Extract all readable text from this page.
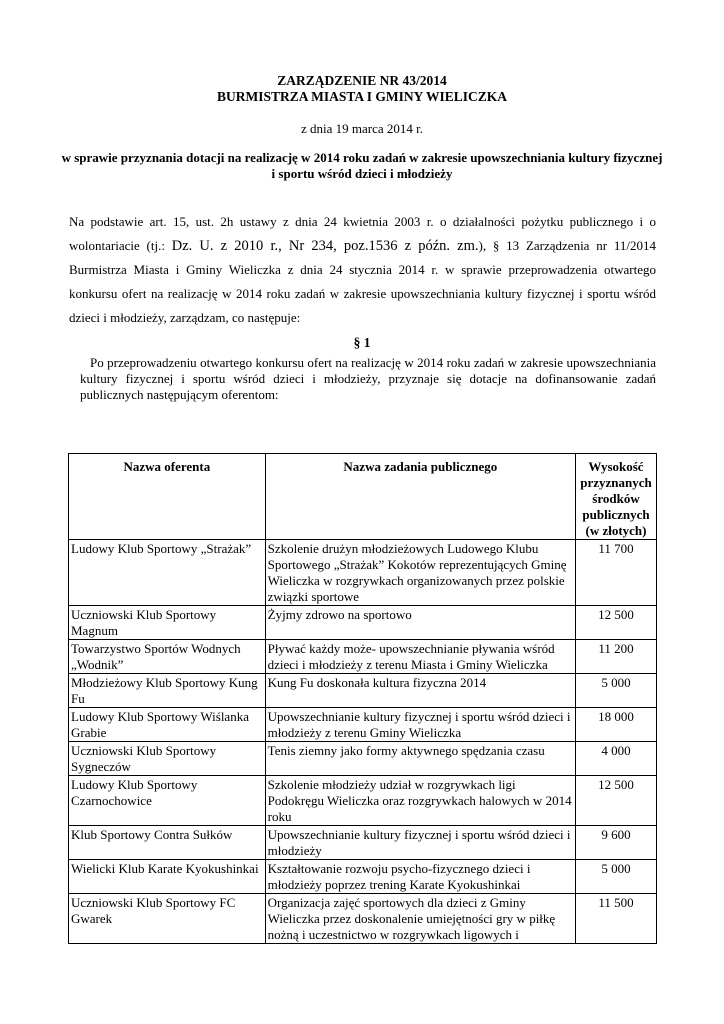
ZARZĄDZENIE NR 43/2014
BURMISTRZA MIASTA I GMINY WIELICZKA
z dnia 19 marca 2014 r.
w sprawie przyznania dotacji na realizację w 2014 roku zadań w zakresie upowszechniania kultury fizycznej i sportu wśród dzieci i młodzieży
Na podstawie art. 15, ust. 2h ustawy z dnia 24 kwietnia 2003 r. o działalności pożytku publicznego i o wolontariacie (tj.: Dz. U. z 2010 r., Nr 234, poz.1536 z późn. zm.), § 13 Zarządzenia nr 11/2014 Burmistrza Miasta i Gminy Wieliczka z dnia 24 stycznia 2014 r. w sprawie przeprowadzenia otwartego konkursu ofert na realizację w 2014 roku zadań w zakresie upowszechniania kultury fizycznej i sportu wśród dzieci i młodzieży, zarządzam, co następuje:
§ 1
Po przeprowadzeniu otwartego konkursu ofert na realizację w 2014 roku zadań w zakresie upowszechniania kultury fizycznej i sportu wśród dzieci i młodzieży, przyznaje się dotacje na dofinansowanie zadań publicznych następującym oferentom:
Nazwa oferenta	Nazwa zadania publicznego	Wysokość przyznanych środków publicznych (w złotych)
Ludowy Klub Sportowy „Strażak”	Szkolenie drużyn młodzieżowych Ludowego Klubu Sportowego „Strażak” Kokotów reprezentujących Gminę Wieliczka w rozgrywkach organizowanych przez polskie związki sportowe	11 700
Uczniowski Klub Sportowy Magnum	Żyjmy zdrowo na sportowo	12 500
Towarzystwo Sportów Wodnych „Wodnik”	Pływać każdy może- upowszechnianie pływania wśród dzieci i młodzieży z terenu Miasta i Gminy Wieliczka	11 200
Młodzieżowy Klub Sportowy Kung Fu	Kung Fu doskonała kultura fizyczna 2014	5 000
Ludowy Klub Sportowy Wiślanka Grabie	Upowszechnianie kultury fizycznej i sportu wśród dzieci i młodzieży z terenu Gminy Wieliczka	18 000
Uczniowski Klub Sportowy Sygneczów	Tenis ziemny jako formy aktywnego spędzania czasu	4 000
Ludowy Klub Sportowy Czarnochowice	Szkolenie młodzieży udział w rozgrywkach ligi Podokręgu Wieliczka oraz rozgrywkach halowych w 2014 roku	12 500
Klub Sportowy Contra Sułków	Upowszechnianie kultury fizycznej i sportu wśród dzieci i młodzieży	9 600
Wielicki Klub Karate Kyokushinkai	Kształtowanie rozwoju psycho-fizycznego dzieci i młodzieży poprzez trening Karate Kyokushinkai	5 000
Uczniowski Klub Sportowy FC Gwarek	Organizacja zajęć sportowych dla dzieci z Gminy Wieliczka przez doskonalenie umiejętności gry w piłkę nożną i uczestnictwo w rozgrywkach ligowych i	11 500
